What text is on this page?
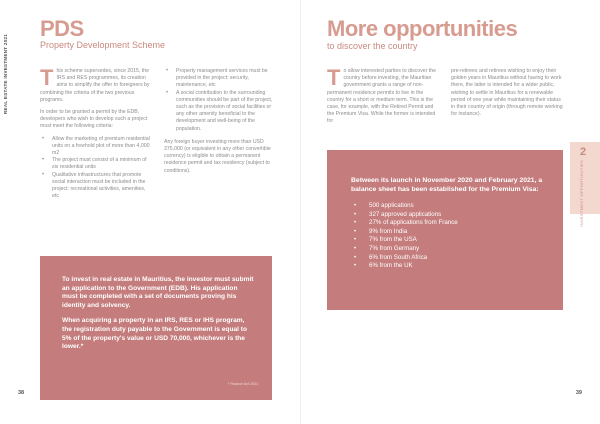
REAL ESTATE INVESTMENT 2021
PDS
Property Development Scheme

This scheme supersedes, since 2015, the IRS and RES programmes, its creation aims to simplify the offer to foreigners by combining the criteria of the two previous programs.

In order to be granted a permit by the EDB, developers who wish to develop such a project must meet the following criteria:

• Allow the marketing of premium residential units on a freehold plot of more than 4,000 m2
• The project must consist of a minimum of six residential units
• Qualitative infrastructures that promote social interaction must be included in the project: recreational activities, amenities, etc
• Property management services must be provided in the project: security, maintenance, etc
• A social contribution to the surrounding communities should be part of the project, such as the provision of social facilities or any other amenity beneficial to the development and well-being of the population.

Any foreign buyer investing more than USD 375,000 (or equivalent in any other convertible currency) is eligible to obtain a permanent residence permit and tax residency (subject to conditions).

To invest in real estate in Mauritius, the investor must submit an application to the Government (EDB). His application must be completed with a set of documents proving his identity and solvency.

When acquiring a property in an IRS, RES or IHS program, the registration duty payable to the Government is equal to 5% of the property's value or USD 70,000, whichever is the lower.*

* Finance Act 2021
38
More opportunities
to discover the country

To allow interested parties to discover the country before investing, the Mauritian government grants a range of non-permanent residence permits to live in the country for a short or medium term. This is the case, for example, with the Retired Permit and the Premium Visa. While the former is intended for

pre-retirees and retirees wishing to enjoy their golden years in Mauritius without having to work there, the latter is intended for a wider public, wishing to settle in Mauritius for a renewable period of one year while maintaining their status in their country of origin (through remote working for instance).

2
INVESTMENT OPPORTUNITIES

Between its launch in November 2020 and February 2021, a balance sheet has been established for the Premium Visa:

• 500 applications
• 327 approved applications
• 27% of applications from France
• 9% from India
• 7% from the USA
• 7% from Germany
• 6% from South Africa
• 6% from the UK
39
